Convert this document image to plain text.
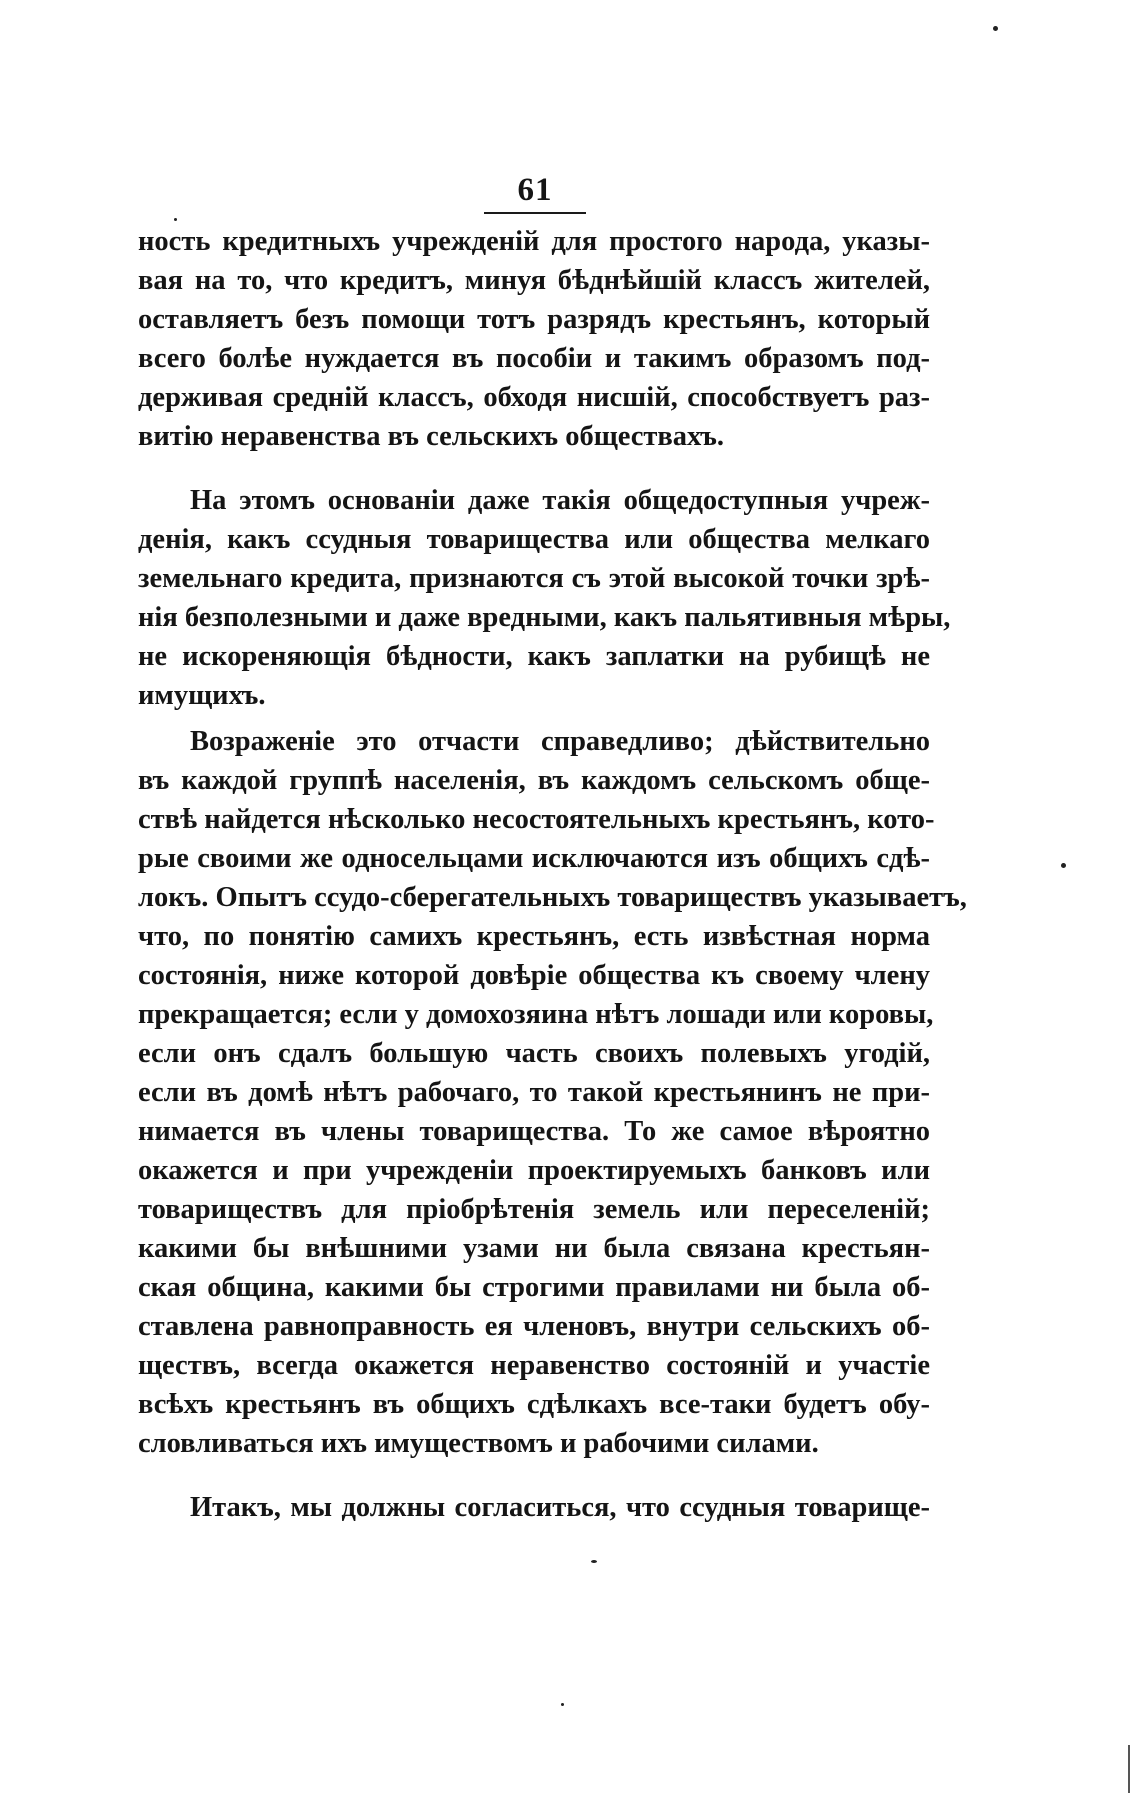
61
ность кредитныхъ учрежденій для простого народа, указы-
вая на то, что кредитъ, минуя бѣднѣйшій классъ жителей,
оставляетъ безъ помощи тотъ разрядъ крестьянъ, который
всего болѣе нуждается въ пособіи и такимъ образомъ под-
держивая средній классъ, обходя нисшій, способствуетъ раз-
витію неравенства въ сельскихъ обществахъ.
На этомъ основаніи даже такія общедоступныя учреж-
денія, какъ ссудныя товарищества или общества мелкаго
земельнаго кредита, признаются съ этой высокой точки зрѣ-
нія безполезными и даже вредными, какъ пальятивныя мѣры,
не искореняющія бѣдности, какъ заплатки на рубищѣ не
имущихъ.
Возраженіе это отчасти справедливо; дѣйствительно
въ каждой группѣ населенія, въ каждомъ сельскомъ обще-
ствѣ найдется нѣсколько несостоятельныхъ крестьянъ, кото-
рые своими же односельцами исключаются изъ общихъ сдѣ-
локъ. Опытъ ссудо-сберегательныхъ товариществъ указываетъ,
что, по понятію самихъ крестьянъ, есть извѣстная норма
состоянія, ниже которой довѣріе общества къ своему члену
прекращается; если у домохозяина нѣтъ лошади или коровы,
если онъ сдалъ большую часть своихъ полевыхъ угодій,
если въ домѣ нѣтъ рабочаго, то такой крестьянинъ не при-
нимается въ члены товарищества. То же самое вѣроятно
окажется и при учрежденіи проектируемыхъ банковъ или
товариществъ для пріобрѣтенія земель или переселеній;
какими бы внѣшними узами ни была связана крестьян-
ская община, какими бы строгими правилами ни была об-
ставлена равноправность ея членовъ, внутри сельскихъ об-
ществъ, всегда окажется неравенство состояній и участіе
всѣхъ крестьянъ въ общихъ сдѣлкахъ все-таки будетъ обу-
словливаться ихъ имуществомъ и рабочими силами.
Итакъ, мы должны согласиться, что ссудныя товарище-
